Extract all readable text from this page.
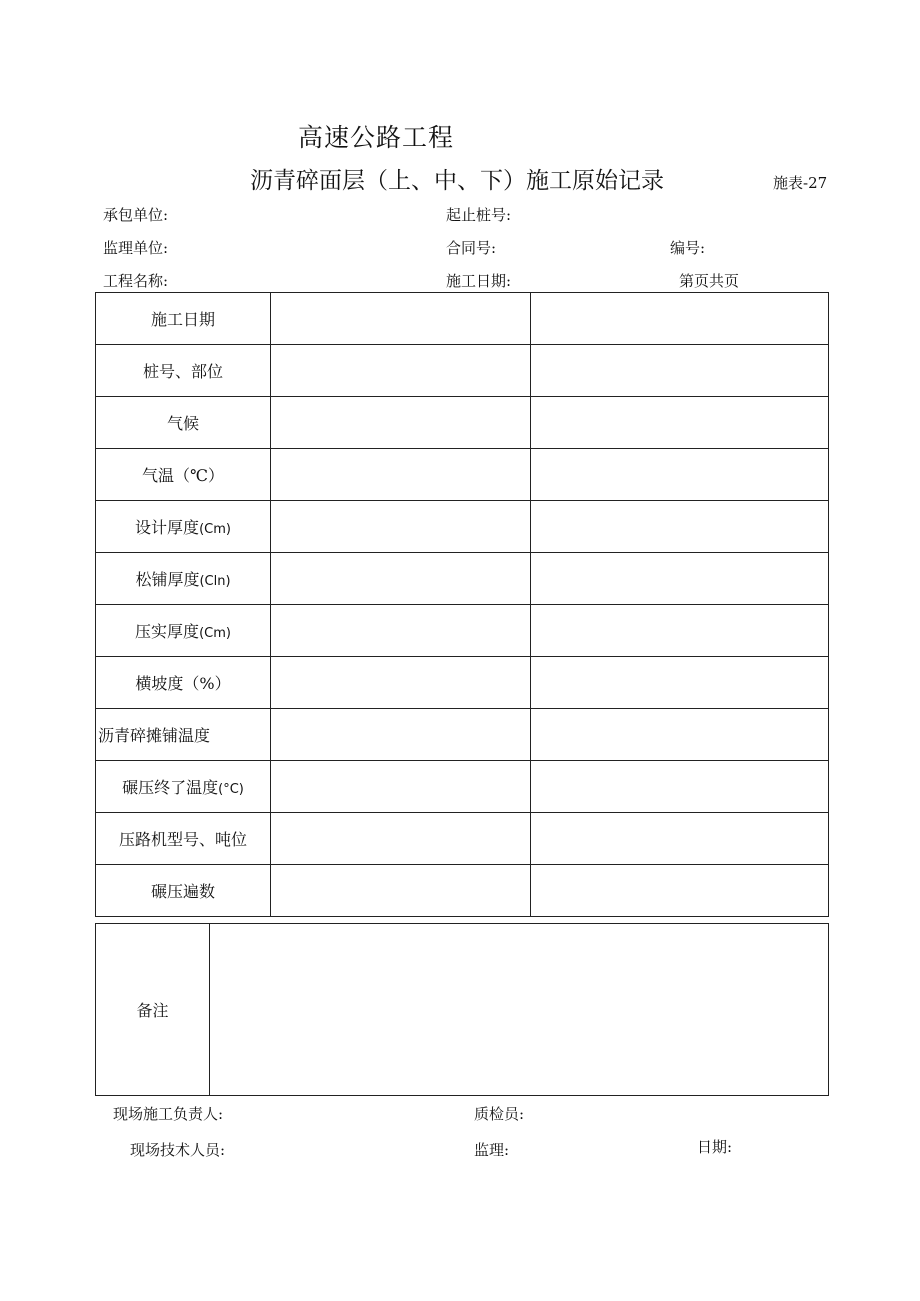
高速公路工程
沥青碎面层（上、中、下）施工原始记录	施表-27
承包单位:	起止桩号:
监理单位:	合同号:	编号:
工程名称:	施工日期:	第页共页
施工日期		
桩号、部位		
气候		
气温（℃）		
设计厚度(Cm)		
松铺厚度(Cln)		
压实厚度(Cm)		
横坡度（%）		
沥青碎摊铺温度		
碾压终了温度(°C)		
压路机型号、吨位		
碾压遍数		
备注	
现场施工负责人:	质检员:
现场技术人员:	监理:	日期:
